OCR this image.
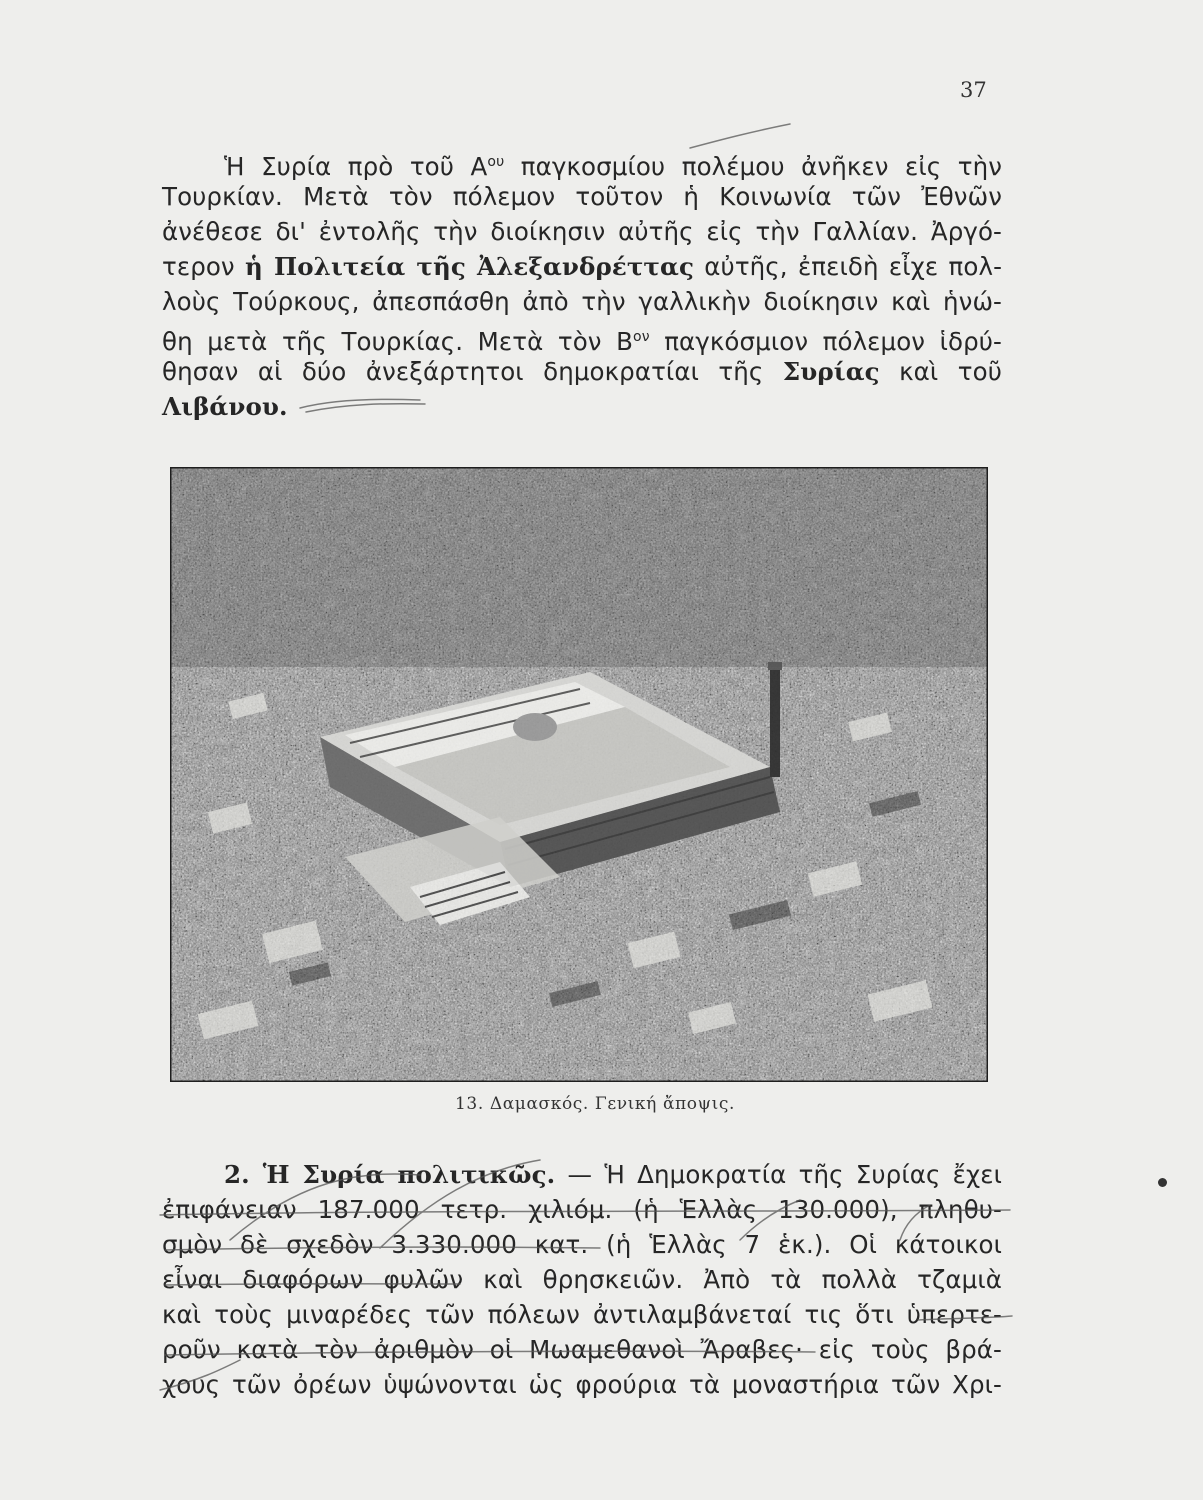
37
Ἡ Συρία πρὸ τοῦ $A^{o\upsilon}$ παγκοσμίου πολέμου ἀνῆκεν εἰς τὴν
Τουρκίαν. Μετὰ τὸν πόλεμον τοῦτον ἡ Κοινωνία τῶν Ἐθνῶν
ἀνέθεσε δι' ἐντολῆς τὴν διοίκησιν αὐτῆς εἰς τὴν Γαλλίαν. Ἀργό-
τερον ἡ Πολιτεία τῆς Ἀλεξανδρέττας αὐτῆς, ἐπειδὴ εἶχε πολ-
λοὺς Τούρκους, ἀπεσπάσθη ἀπὸ τὴν γαλλικὴν διοίκησιν καὶ ἡνώ-
θη μετὰ τῆς Τουρκίας. Μετὰ τὸν $B^{o\nu}$ παγκόσμιον πόλεμον ἱδρύ-
θησαν αἱ δύο ἀνεξάρτητοι δημοκρατίαι τῆς Συρίας καὶ τοῦ
Λιβάνου.
13. Δαμασκός. Γενική ἄποψις.
2. Ἡ Συρία πολιτικῶς. — Ἡ Δημοκρατία τῆς Συρίας ἔχει
ἐπιφάνειαν 187.000 τετρ. χιλιόμ. (ἡ Ἑλλὰς 130.000), πληθυ-
σμὸν δὲ σχεδὸν 3.330.000 κατ. (ἡ Ἑλλὰς 7 ἑκ.). Οἱ κάτοικοι
εἶναι διαφόρων φυλῶν καὶ θρησκειῶν. Ἀπὸ τὰ πολλὰ τζαμιὰ
καὶ τοὺς μιναρέδες τῶν πόλεων ἀντιλαμβάνεταί τις ὅτι ὑπερτε-
ροῦν κατὰ τὸν ἀριθμὸν οἱ Μωαμεθανοὶ Ἄραβες· εἰς τοὺς βρά-
χους τῶν ὀρέων ὑψώνονται ὡς φρούρια τὰ μοναστήρια τῶν Χρι-
